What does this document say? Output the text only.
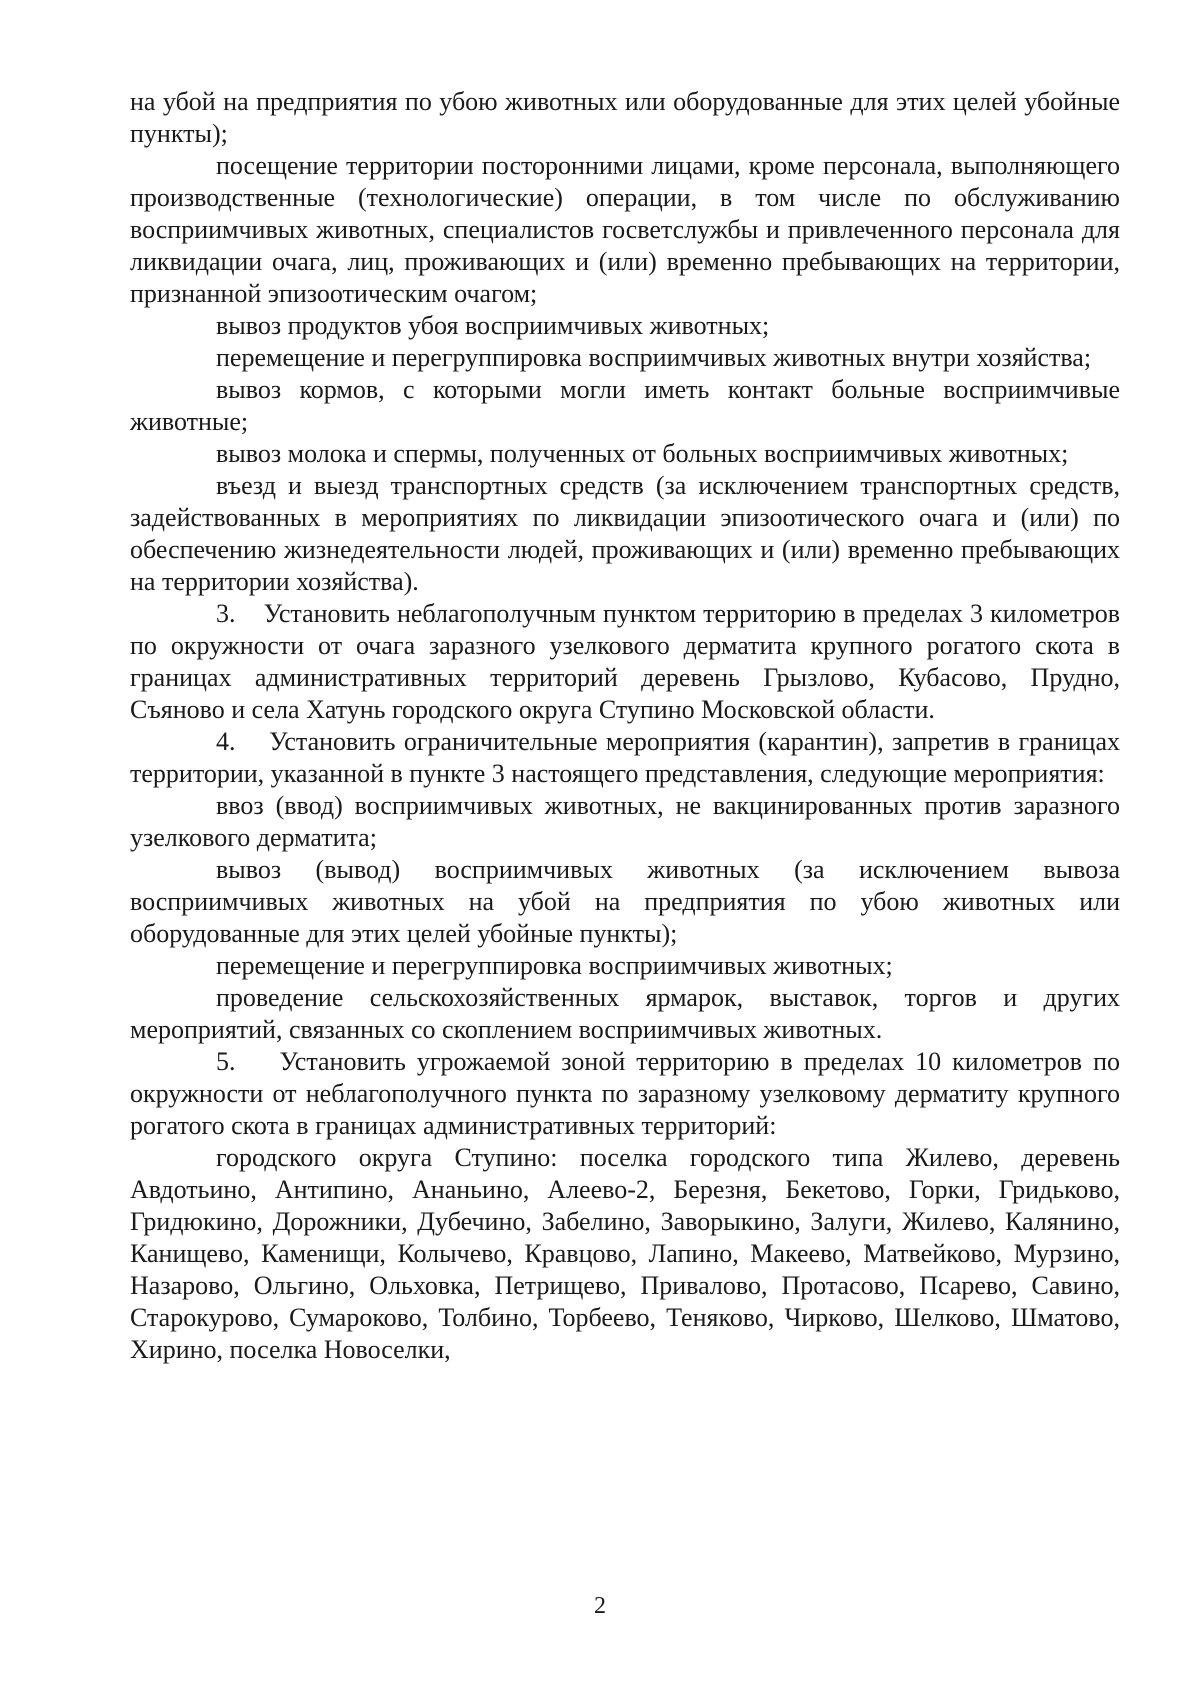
на убой на предприятия по убою животных или оборудованные для этих целей убойные пункты);

посещение территории посторонними лицами, кроме персонала, выполняющего производственные (технологические) операции, в том числе по обслуживанию восприимчивых животных, специалистов госветслужбы и привлеченного персонала для ликвидации очага, лиц, проживающих и (или) временно пребывающих на территории, признанной эпизоотическим очагом;

вывоз продуктов убоя восприимчивых животных;

перемещение и перегруппировка восприимчивых животных внутри хозяйства;

вывоз кормов, с которыми могли иметь контакт больные восприимчивые животные;

вывоз молока и спермы, полученных от больных восприимчивых животных;

въезд и выезд транспортных средств (за исключением транспортных средств, задействованных в мероприятиях по ликвидации эпизоотического очага и (или) по обеспечению жизнедеятельности людей, проживающих и (или) временно пребывающих на территории хозяйства).

3.    Установить неблагополучным пунктом территорию в пределах 3 километров по окружности от очага заразного узелкового дерматита крупного рогатого скота в границах административных территорий деревень Грызлово, Кубасово, Прудно, Съяново и села Хатунь городского округа Ступино Московской области.

4.    Установить ограничительные мероприятия (карантин), запретив в границах территории, указанной в пункте 3 настоящего представления, следующие мероприятия:

ввоз (ввод) восприимчивых животных, не вакцинированных против заразного узелкового дерматита;

вывоз (вывод) восприимчивых животных (за исключением вывоза восприимчивых животных на убой на предприятия по убою животных или оборудованные для этих целей убойные пункты);

перемещение и перегруппировка восприимчивых животных;

проведение сельскохозяйственных ярмарок, выставок, торгов и других мероприятий, связанных со скоплением восприимчивых животных.

5.    Установить угрожаемой зоной территорию в пределах 10 километров по окружности от неблагополучного пункта по заразному узелковому дерматиту крупного рогатого скота в границах административных территорий:

городского округа Ступино: поселка городского типа Жилево, деревень Авдотьино, Антипино, Ананьино, Алеево-2, Березня, Бекетово, Горки, Гридьково, Гридюкино, Дорожники, Дубечино, Забелино, Заворыкино, Залуги, Жилево, Калянино, Канищево, Каменищи, Колычево, Кравцово, Лапино, Макеево, Матвейково, Мурзино, Назарово, Ольгино, Ольховка, Петрищево, Привалово, Протасово, Псарево, Савино, Старокурово, Сумароково, Толбино, Торбеево, Теняково, Чирково, Шелково, Шматово, Хирино, поселка Новоселки,

2
